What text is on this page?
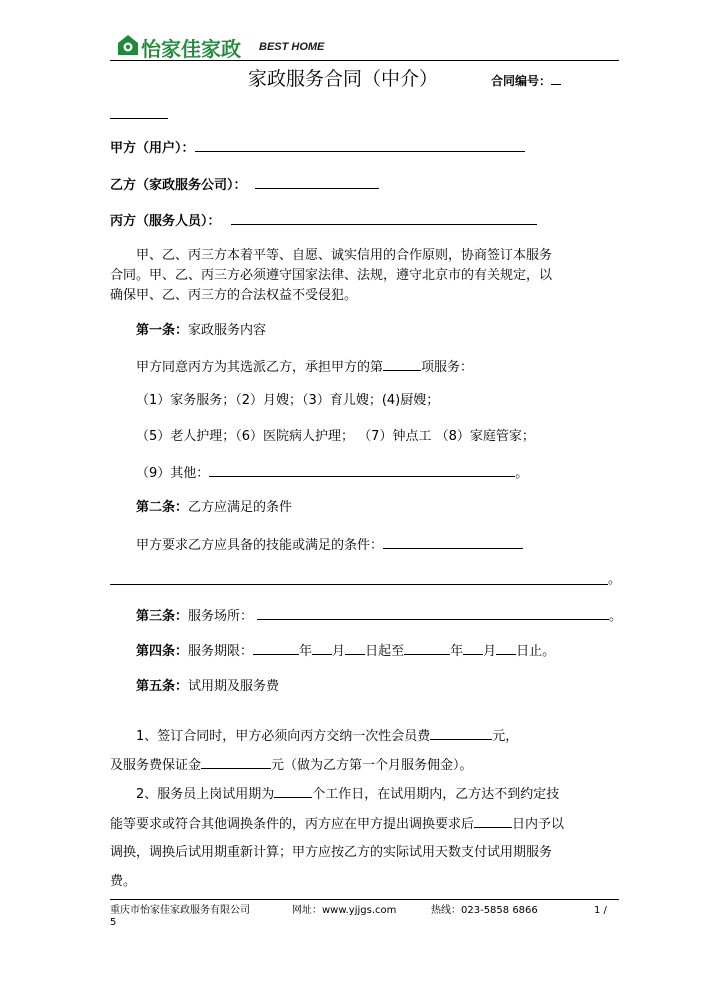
怡家佳家政 BEST HOME
家政服务合同（中介）	合同编号：
甲方（用户）：
乙方（家政服务公司）：
丙方（服务人员）：
甲、乙、丙三方本着平等、自愿、诚实信用的合作原则，协商签订本服务
合同。甲、乙、丙三方必须遵守国家法律、法规，遵守北京市的有关规定，以
确保甲、乙、丙三方的合法权益不受侵犯。
第一条：家政服务内容
甲方同意丙方为其选派乙方，承担甲方的第	项服务：
（1）家务服务；（2）月嫂；（3）育儿嫂；(4)厨嫂；
（5）老人护理；（6）医院病人护理； （7）钟点工 （8）家庭管家；
（9）其他：	。
第二条：乙方应满足的条件
甲方要求乙方应具备的技能或满足的条件：
。
第三条：服务场所：	。
第四条：服务期限：	年 月 日起至	年 月 日止。
第五条：试用期及服务费
1、签订合同时，甲方必须向丙方交纳一次性会员费	元，
及服务费保证金	元（做为乙方第一个月服务佣金）。
2、服务员上岗试用期为	个工作日，在试用期内，乙方达不到约定技
能等要求或符合其他调换条件的，丙方应在甲方提出调换要求后	日内予以
调换，调换后试用期重新计算；甲方应按乙方的实际试用天数支付试用期服务
费。
重庆市怡家佳家政服务有限公司	网址：www.yjjgs.com	热线：023-5858 6866	1 /
5
